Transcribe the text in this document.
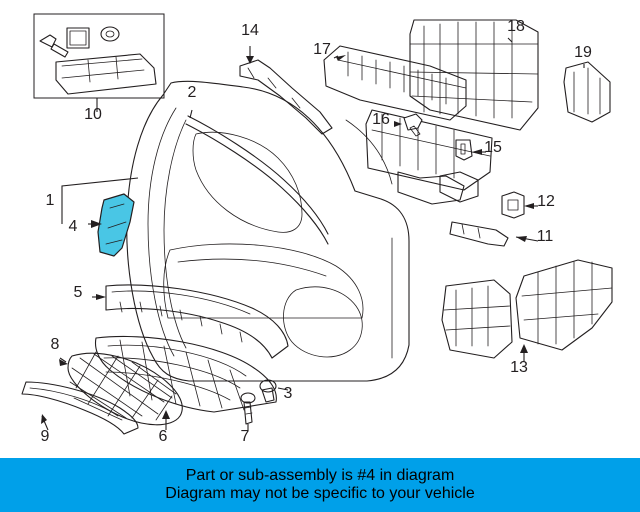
1
2
3
4
5
6	7
8
9
10
11
12
13
14
15
16
17
18
19
Part or sub-assembly is #4 in diagram
Diagram may not be specific to your vehicle
